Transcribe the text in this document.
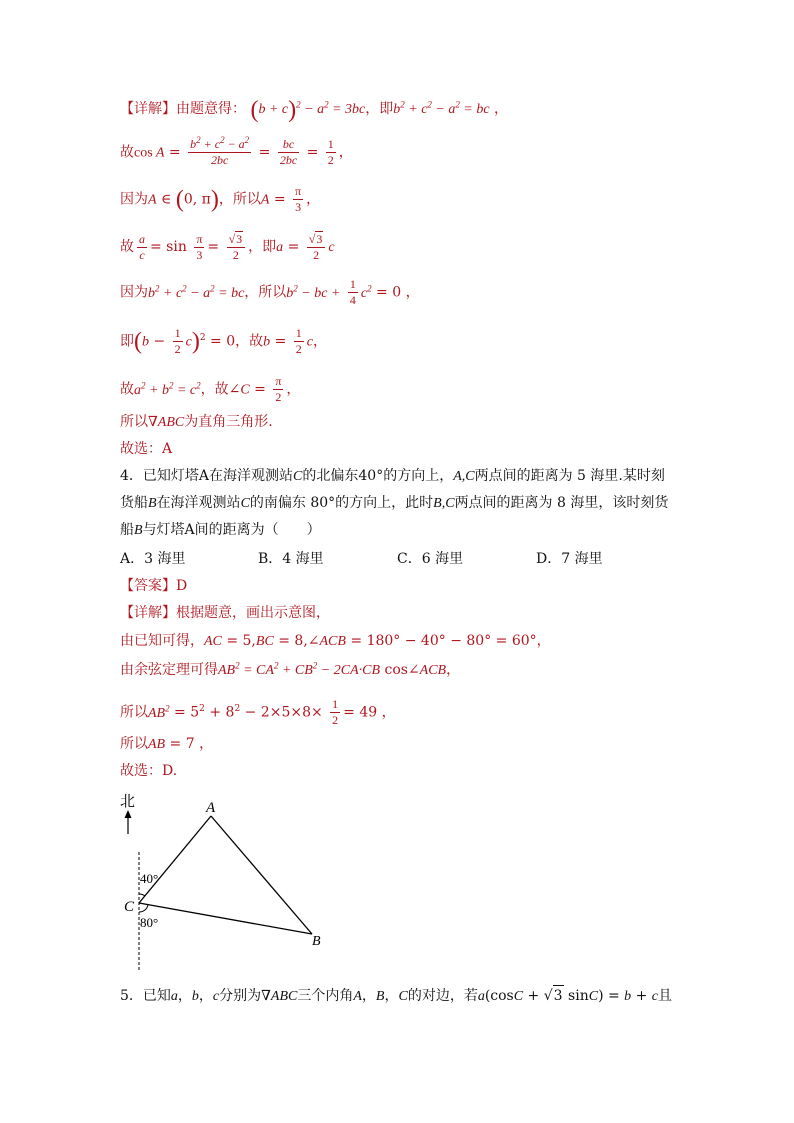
【详解】由题意得： $(b + c)^2 - a^2 = 3bc$，即$b^2 + c^2 - a^2$ = bc ，
故$\cos A = \frac{b^2 + c^2 - a^2}{2bc} = \frac{bc}{2bc} = \frac{1}{2}$ ，
因为A ∈ (0, π)，所以$A = \frac{\pi}{3}$ ，
故 $\frac{a}{c} = \sin \frac{\pi}{3} = \frac{√3}{2}$ ，即$a = \frac{√3}{2}$ c
因为$b^2 + c^2 - a^2$ = bc，所以$b^2$ − bc + $\frac{1}{4} c^2 = 0$ ，
即$(b - \frac{1}{2} c)^2 = 0$，故$b = \frac{1}{2}$ c，
故$a^2 + b^2 = c^2$，故∠C = $\frac{\pi}{2}$ ，
所以∇ABC为直角三角形.
故选：A
4．已知灯塔A在海洋观测站C的北偏东40°的方向上，A,C两点间的距离为 5 海里.某时刻
货船B在海洋观测站C的南偏东 80°的方向上，此时B,C两点间的距离为 8 海里，该时刻货
船B与灯塔A间的距离为（　　）
A．3 海里	B．4 海里	C．6 海里	D．7 海里
【答案】D
【详解】根据题意，画出示意图，
由已知可得，AC = 5,BC = 8,∠ACB = 180° − 40° − 80° = 60°，
由余弦定理可得$AB^2 = CA^2 + CB^2 - 2CA\cdot CB$ cos∠ACB，
所以$AB^2 = 5^2 + 8^2 - 2\times 5\times 8\times \frac{1}{2} = 49$ ，
所以AB = 7 ，
故选：D.
北	A
B
C
40°
80°
5．已知a，b，c分别为∇ABC三个内角A，B，C的对边，若a(cosC + √3 sinC) = b + c且
